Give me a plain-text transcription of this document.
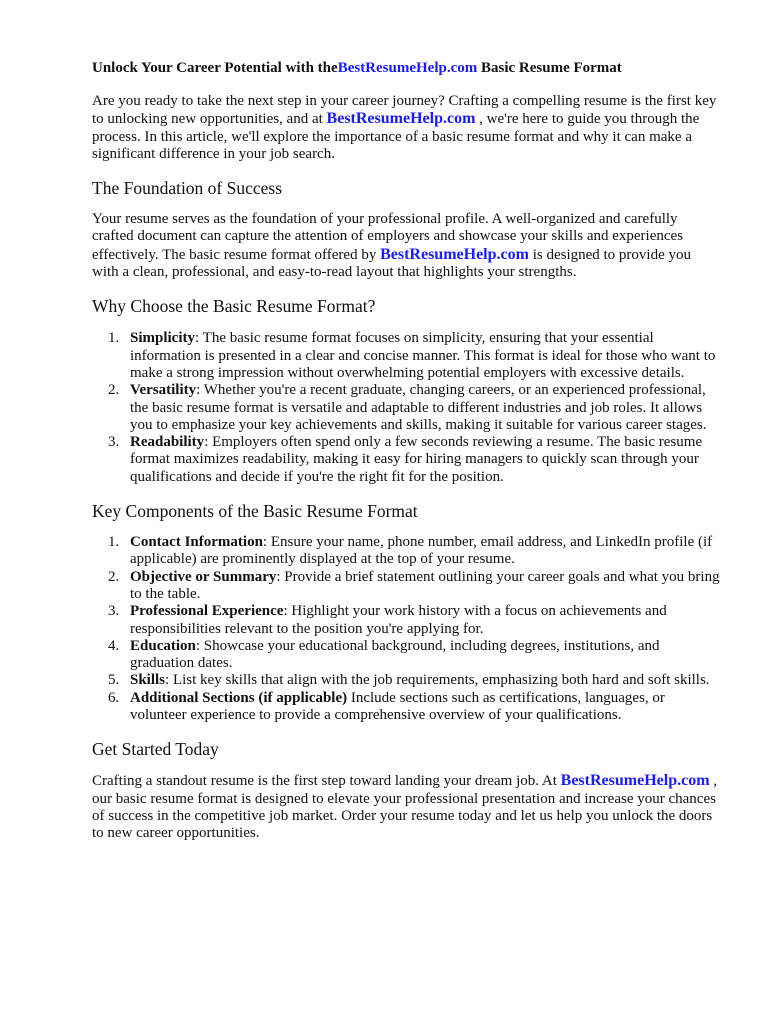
Unlock Your Career Potential with theBestResumeHelp.com Basic Resume Format

Are you ready to take the next step in your career journey? Crafting a compelling resume is the first key to unlocking new opportunities, and at BestResumeHelp.com , we're here to guide you through the process. In this article, we'll explore the importance of a basic resume format and why it can make a significant difference in your job search.

The Foundation of Success

Your resume serves as the foundation of your professional profile. A well-organized and carefully crafted document can capture the attention of employers and showcase your skills and experiences effectively. The basic resume format offered by BestResumeHelp.com is designed to provide you with a clean, professional, and easy-to-read layout that highlights your strengths.

Why Choose the Basic Resume Format?
1. Simplicity: The basic resume format focuses on simplicity, ensuring that your essential information is presented in a clear and concise manner. This format is ideal for those who want to make a strong impression without overwhelming potential employers with excessive details.
2. Versatility: Whether you're a recent graduate, changing careers, or an experienced professional, the basic resume format is versatile and adaptable to different industries and job roles. It allows you to emphasize your key achievements and skills, making it suitable for various career stages.
3. Readability: Employers often spend only a few seconds reviewing a resume. The basic resume format maximizes readability, making it easy for hiring managers to quickly scan through your qualifications and decide if you're the right fit for the position.
Key Components of the Basic Resume Format
1. Contact Information: Ensure your name, phone number, email address, and LinkedIn profile (if applicable) are prominently displayed at the top of your resume.
2. Objective or Summary: Provide a brief statement outlining your career goals and what you bring to the table.
3. Professional Experience: Highlight your work history with a focus on achievements and responsibilities relevant to the position you're applying for.
4. Education: Showcase your educational background, including degrees, institutions, and graduation dates.
5. Skills: List key skills that align with the job requirements, emphasizing both hard and soft skills.
6. Additional Sections (if applicable) Include sections such as certifications, languages, or volunteer experience to provide a comprehensive overview of your qualifications.
Get Started Today

Crafting a standout resume is the first step toward landing your dream job. At BestResumeHelp.com , our basic resume format is designed to elevate your professional presentation and increase your chances of success in the competitive job market. Order your resume today and let us help you unlock the doors to new career opportunities.
